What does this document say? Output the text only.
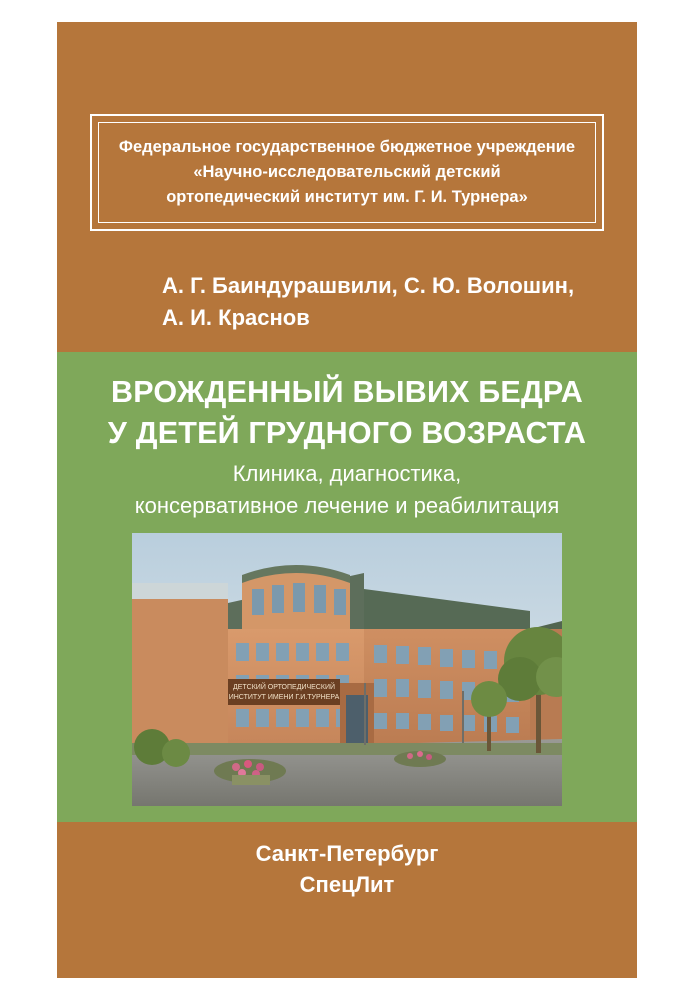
Федеральное государственное бюджетное учреждение
«Научно-исследовательский детский
ортопедический институт им. Г. И. Турнера»
А. Г. Баиндурашвили, С. Ю. Волошин,
А. И. Краснов
ВРОЖДЕННЫЙ ВЫВИХ БЕДРА
У ДЕТЕЙ ГРУДНОГО ВОЗРАСТА
Клиника, диагностика,
консервативное лечение и реабилитация
ДЕТСКИЙ ОРТОПЕДИЧЕСКИЙ
ИНСТИТУТ ИМЕНИ Г.И.ТУРНЕРА
Санкт-Петербург
СпецЛит
